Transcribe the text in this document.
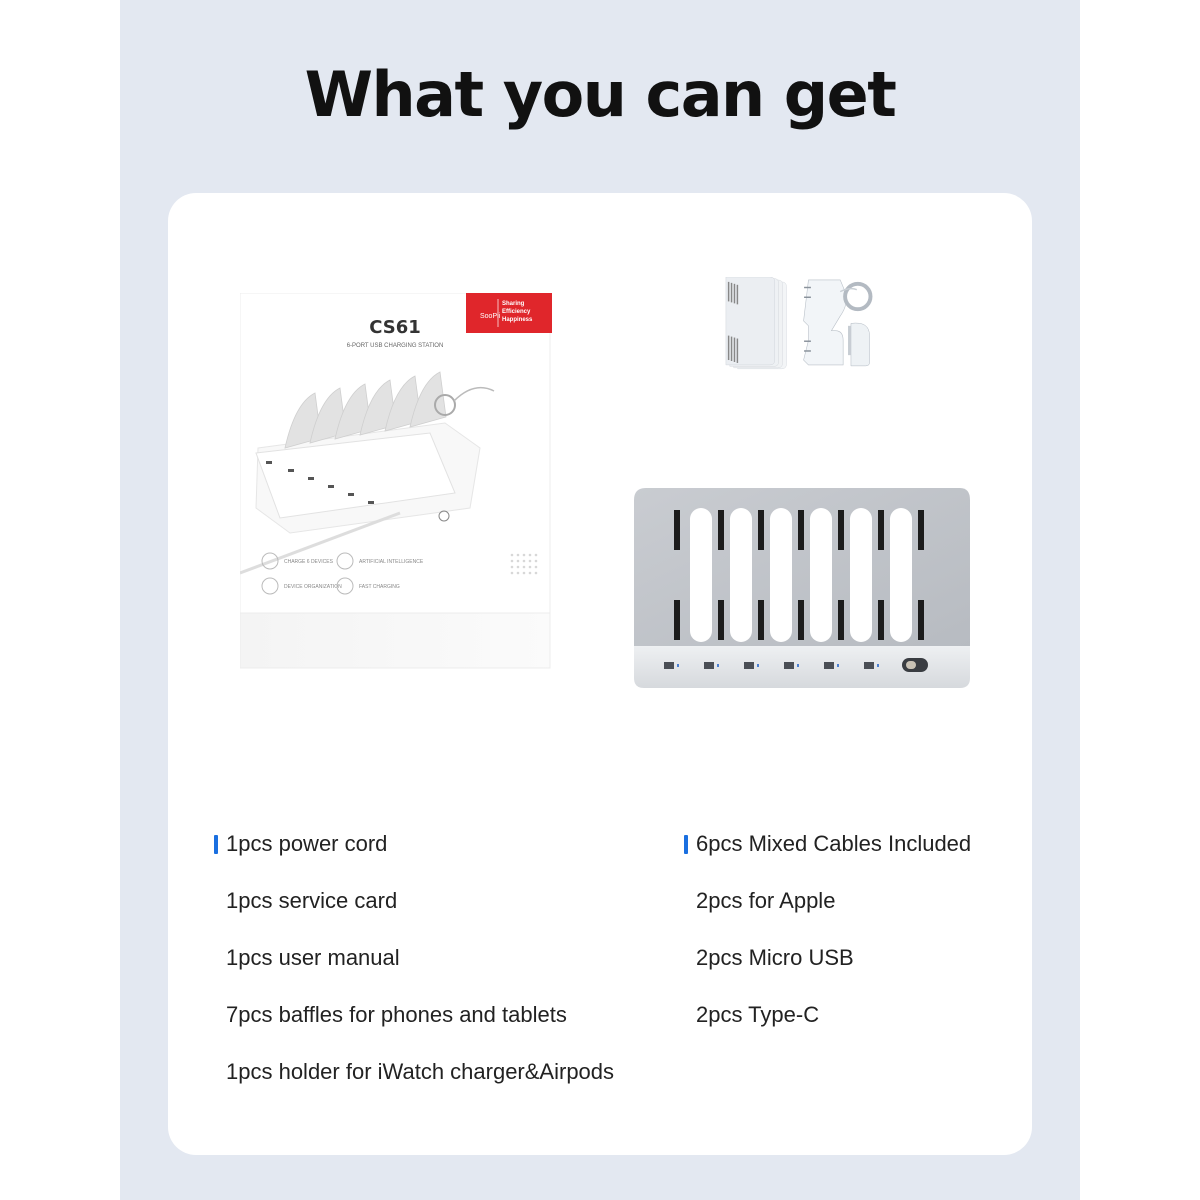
What you can get
SooPii
Sharing
Efficiency
Happiness
CS61
6-PORT USB CHARGING STATION
CHARGE 6 DEVICES	ARTIFICIAL INTELLIGENCE
DEVICE ORGANIZATION	FAST CHARGING
1pcs power cord
1pcs service card
1pcs user manual
7pcs baffles for phones and tablets
1pcs holder for iWatch charger&Airpods
6pcs Mixed Cables Included
2pcs for Apple
2pcs Micro USB
2pcs Type-C
